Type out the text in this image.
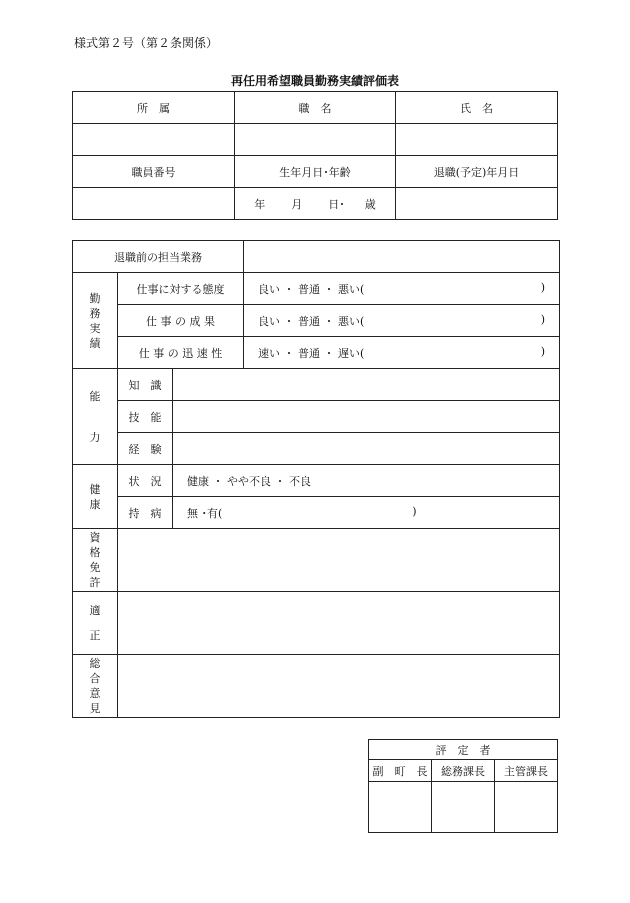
様式第２号（第２条関係）
再任用希望職員勤務実績評価表
所　属	職　名	氏　名

職員番号	生年月日･年齢	退職(予定)年月日
	年 月 日･ 歳	
退職前の担当業務			

勤務実績	仕事に対する態度		良い ・ 普通 ・ 悪い( )

	仕 事 の 成 果		良い ・ 普通 ・ 悪い( )

	仕 事 の 迅 速 性		速い ・ 普通 ・ 遅い( )

能
力	知　識		
	技　能		
	経　験		

健康	状　況	健康 ・ やや不良 ・ 不良	
	持　病	無 ･有( )	

資格免許			

適
正			

総合意見			

評　定　者		
副　町　長	総務課長	主管課長
